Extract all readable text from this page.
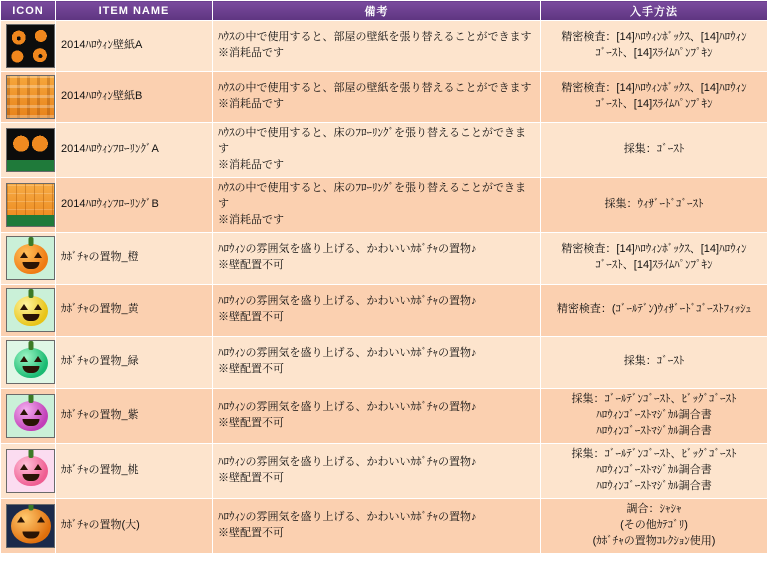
ICON	ITEM NAME	備考	入手方法

	2014ﾊﾛｳｨﾝ壁紙A	ﾊｳｽの中で使用すると、部屋の壁紙を張り替えることができます
※消耗品です	精密検査：[14]ﾊﾛｳｨﾝﾎﾞｯｸｽ、[14]ﾊﾛｳｨﾝ
ｺﾞｰｽﾄ、[14]ｽﾗｲﾑﾊﾟﾝﾌﾟｷﾝ

	2014ﾊﾛｳｨﾝ壁紙B	ﾊｳｽの中で使用すると、部屋の壁紙を張り替えることができます
※消耗品です	精密検査：[14]ﾊﾛｳｨﾝﾎﾞｯｸｽ、[14]ﾊﾛｳｨﾝ
ｺﾞｰｽﾄ、[14]ｽﾗｲﾑﾊﾟﾝﾌﾟｷﾝ

	2014ﾊﾛｳｨﾝﾌﾛｰﾘﾝｸﾞA	ﾊｳｽの中で使用すると、床のﾌﾛｰﾘﾝｸﾞを張り替えることができます
※消耗品です	採集：ｺﾞｰｽﾄ

	2014ﾊﾛｳｨﾝﾌﾛｰﾘﾝｸﾞB	ﾊｳｽの中で使用すると、床のﾌﾛｰﾘﾝｸﾞを張り替えることができます
※消耗品です	採集：ｳｨｻﾞｰﾄﾞｺﾞｰｽﾄ

	ｶﾎﾞﾁｬの置物_橙	ﾊﾛｳｨﾝの雰囲気を盛り上げる、かわいいｶﾎﾞﾁｬの置物♪
※壁配置不可	精密検査：[14]ﾊﾛｳｨﾝﾎﾞｯｸｽ、[14]ﾊﾛｳｨﾝ
ｺﾞｰｽﾄ、[14]ｽﾗｲﾑﾊﾟﾝﾌﾟｷﾝ

	ｶﾎﾞﾁｬの置物_黄	ﾊﾛｳｨﾝの雰囲気を盛り上げる、かわいいｶﾎﾞﾁｬの置物♪
※壁配置不可	精密検査：(ｺﾞｰﾙﾃﾞﾝ)ｳｨｻﾞｰﾄﾞｺﾞｰｽﾄﾌｨｯｼｭ

	ｶﾎﾞﾁｬの置物_緑	ﾊﾛｳｨﾝの雰囲気を盛り上げる、かわいいｶﾎﾞﾁｬの置物♪
※壁配置不可	採集：ｺﾞｰｽﾄ

	ｶﾎﾞﾁｬの置物_紫	ﾊﾛｳｨﾝの雰囲気を盛り上げる、かわいいｶﾎﾞﾁｬの置物♪
※壁配置不可	採集：ｺﾞｰﾙﾃﾞﾝｺﾞｰｽﾄ、ﾋﾞｯｸﾞｺﾞｰｽﾄ
ﾊﾛｳｨﾝｺﾞｰｽﾄﾏｼﾞｶﾙ調合書
ﾊﾛｳｨﾝｺﾞｰｽﾄﾏｼﾞｶﾙ調合書

	ｶﾎﾞﾁｬの置物_桃	ﾊﾛｳｨﾝの雰囲気を盛り上げる、かわいいｶﾎﾞﾁｬの置物♪
※壁配置不可	採集：ｺﾞｰﾙﾃﾞﾝｺﾞｰｽﾄ、ﾋﾞｯｸﾞｺﾞｰｽﾄ
ﾊﾛｳｨﾝｺﾞｰｽﾄﾏｼﾞｶﾙ調合書
ﾊﾛｳｨﾝｺﾞｰｽﾄﾏｼﾞｶﾙ調合書

	ｶﾎﾞﾁｬの置物(大)	ﾊﾛｳｨﾝの雰囲気を盛り上げる、かわいいｶﾎﾞﾁｬの置物♪
※壁配置不可	調合：ｼｬｼｬ
(その他ｶﾃｺﾞﾘ)
(ｶﾎﾞﾁｬの置物ｺﾚｸｼｮﾝ使用)
